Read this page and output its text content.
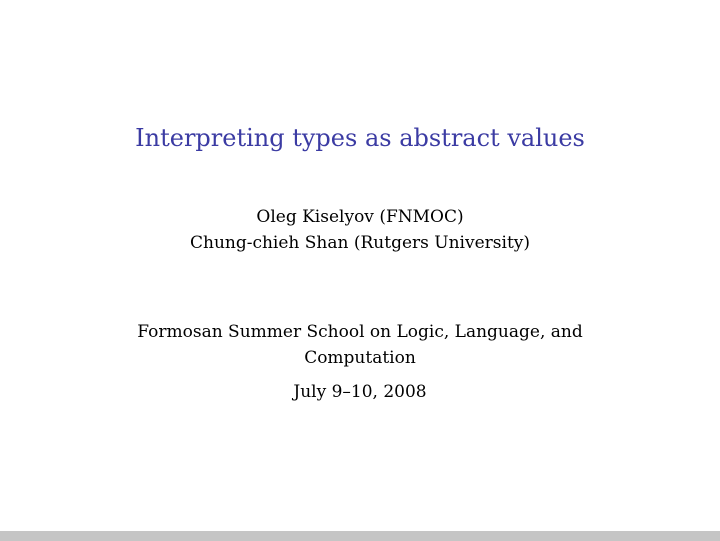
Interpreting types as abstract values
Oleg Kiselyov (FNMOC)
Chung-chieh Shan (Rutgers University)
Formosan Summer School on Logic, Language, and Computation
July 9–10, 2008
